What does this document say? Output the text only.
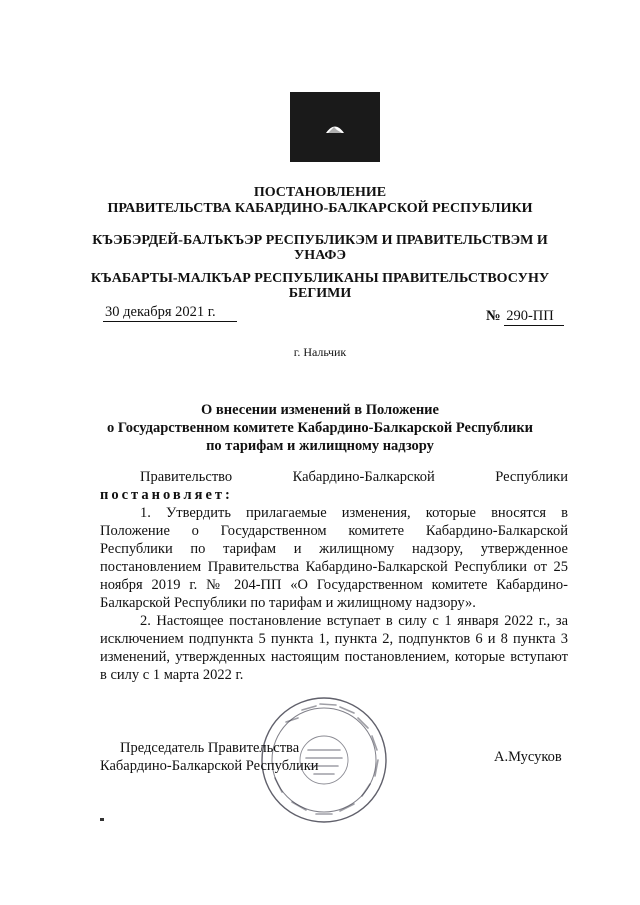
ПОСТАНОВЛЕНИЕ
ПРАВИТЕЛЬСТВА КАБАРДИНО-БАЛКАРСКОЙ РЕСПУБЛИКИ
КЪЭБЭРДЕЙ-БАЛЪКЪЭР РЕСПУБЛИКЭМ И ПРАВИТЕЛЬСТВЭМ И
УНАФЭ
КЪАБАРТЫ-МАЛКЪАР РЕСПУБЛИКАНЫ ПРАВИТЕЛЬСТВОСУНУ
БЕГИМИ
30 декабря 2021 г.	№ 290-ПП
г. Нальчик
О внесении изменений в Положение
о Государственном комитете Кабардино-Балкарской Республики
по тарифам и жилищному надзору
Правительство	Кабардино-Балкарской	Республики

постановляет:

1. Утвердить прилагаемые изменения, которые вносятся в Положение о Государственном комитете Кабардино-Балкарской Республики по тарифам и жилищному надзору, утвержденное постановлением Правительства Кабардино-Балкарской Республики от 25 ноября 2019 г. № 204-ПП «О Государственном комитете Кабардино-Балкарской Республики по тарифам и жилищному надзору».

2. Настоящее постановление вступает в силу с 1 января 2022 г., за исключением подпункта 5 пункта 1, пункта 2, подпунктов 6 и 8 пункта 3 изменений, утвержденных настоящим постановлением, которые вступают в силу с 1 марта 2022 г.

Председатель Правительства
Кабардино-Балкарской Республики
А.Мусуков
